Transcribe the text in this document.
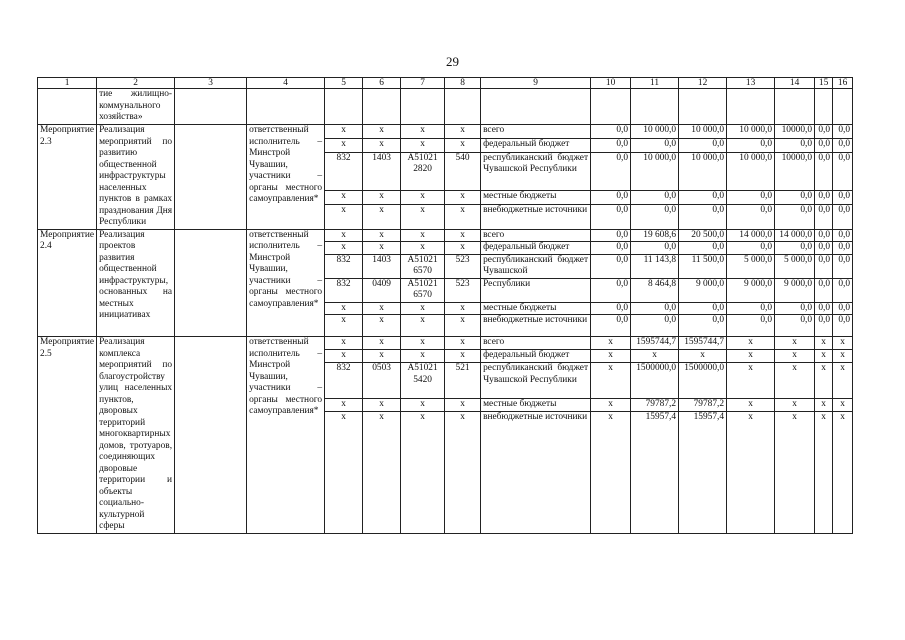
29
1	2	3	4	5	6	7	8	9	10	11	12	13	14	15	16
	тие жилищно-коммунального хозяйства»														
Мероприятие 2.3	Реализация мероприятий по развитию общественной инфраструктуры населенных пунктов в рамках празднования Дня Республики		ответственный исполнитель – Минстрой Чувашии, участники – органы местного самоуправления*	x	x	x	x	всего	0,0	10 000,0	10 000,0	10 000,0	10000,0	0,0	0,0
				x	x	x	x	федеральный бюджет	0,0	0,0	0,0	0,0	0,0	0,0	0,0
				832	1403	А51021 2820	540	республиканский бюджет Чувашской Республики	0,0	10 000,0	10 000,0	10 000,0	10000,0	0,0	0,0
				x	x	x	x	местные бюджеты	0,0	0,0	0,0	0,0	0,0	0,0	0,0
				x	x	x	x	внебюджетные источники	0,0	0,0	0,0	0,0	0,0	0,0	0,0
Мероприятие 2.4	Реализация проектов развития общественной инфраструктуры, основанных на местных инициативах		ответственный исполнитель – Минстрой Чувашии, участники – органы местного самоуправления*	x	x	x	x	всего	0,0	19 608,6	20 500,0	14 000,0	14 000,0	0,0	0,0
				x	x	x	x	федеральный бюджет	0,0	0,0	0,0	0,0	0,0	0,0	0,0
				832	1403	А51021 6570	523	республиканский бюджет Чувашской	0,0	11 143,8	11 500,0	5 000,0	5 000,0	0,0	0,0
				832	0409	А51021 6570	523	Республики	0,0	8 464,8	9 000,0	9 000,0	9 000,0	0,0	0,0
				x	x	x	x	местные бюджеты	0,0	0,0	0,0	0,0	0,0	0,0	0,0
				x	x	x	x	внебюджетные источники	0,0	0,0	0,0	0,0	0,0	0,0	0,0
Мероприятие 2.5	Реализация комплекса мероприятий по благоустройству улиц населенных пунктов, дворовых территорий многоквартирных домов, тротуаров, соединяющих дворовые территории и объекты социально-культурной сферы		ответственный исполнитель – Минстрой Чувашии, участники – органы местного самоуправления*	x	x	x	x	всего	x	1595744,7	1595744,7	x	x	x	x
				x	x	x	x	федеральный бюджет	x	x	x	x	x	x	x
				832	0503	А51021 5420	521	республиканский бюджет Чувашской Республики	x	1500000,0	1500000,0	x	x	x	x
				x	x	x	x	местные бюджеты	x	79787,2	79787,2	x	x	x	x
				x	x	x	x	внебюджетные источники	x	15957,4	15957,4	x	x	x	x
